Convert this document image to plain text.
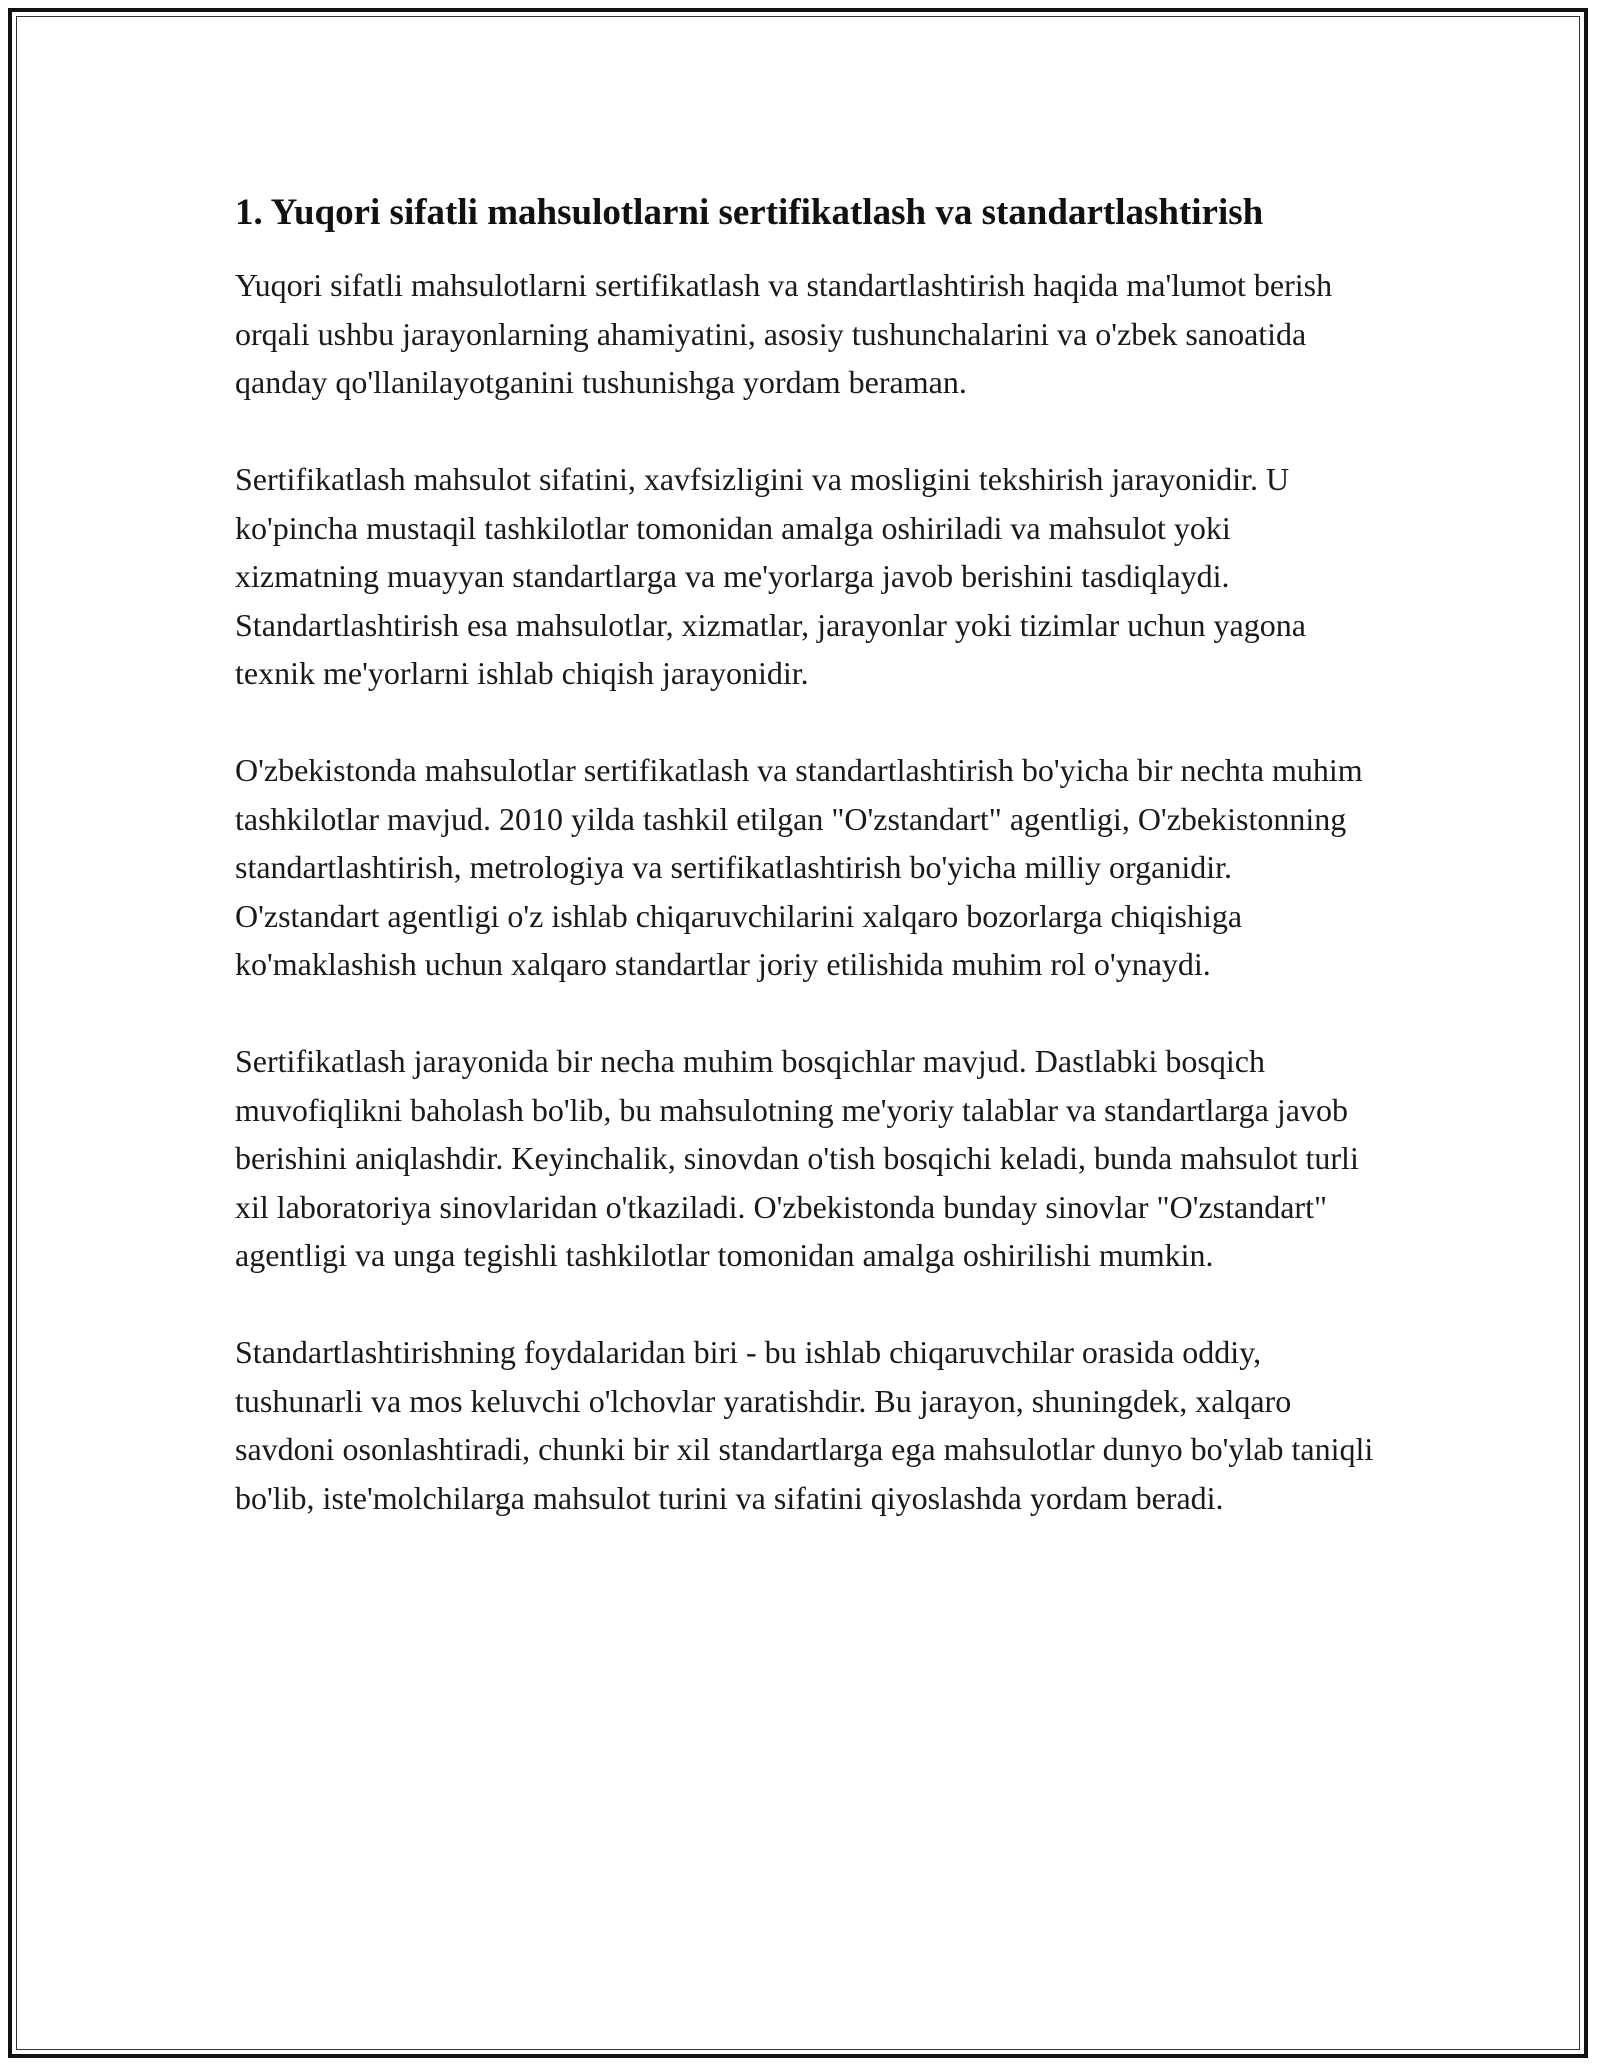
1. Yuqori sifatli mahsulotlarni sertifikatlash va standartlashtirish

Yuqori sifatli mahsulotlarni sertifikatlash va standartlashtirish haqida ma'lumot berish orqali ushbu jarayonlarning ahamiyatini, asosiy tushunchalarini va o'zbek sanoatida qanday qo'llanilayotganini tushunishga yordam beraman.

Sertifikatlash mahsulot sifatini, xavfsizligini va mosligini tekshirish jarayonidir. U ko'pincha mustaqil tashkilotlar tomonidan amalga oshiriladi va mahsulot yoki xizmatning muayyan standartlarga va me'yorlarga javob berishini tasdiqlaydi. Standartlashtirish esa mahsulotlar, xizmatlar, jarayonlar yoki tizimlar uchun yagona texnik me'yorlarni ishlab chiqish jarayonidir.

O'zbekistonda mahsulotlar sertifikatlash va standartlashtirish bo'yicha bir nechta muhim tashkilotlar mavjud. 2010 yilda tashkil etilgan "O'zstandart" agentligi, O'zbekistonning standartlashtirish, metrologiya va sertifikatlashtirish bo'yicha milliy organidir. O'zstandart agentligi o'z ishlab chiqaruvchilarini xalqaro bozorlarga chiqishiga ko'maklashish uchun xalqaro standartlar joriy etilishida muhim rol o'ynaydi.

Sertifikatlash jarayonida bir necha muhim bosqichlar mavjud. Dastlabki bosqich muvofiqlikni baholash bo'lib, bu mahsulotning me'yoriy talablar va standartlarga javob berishini aniqlashdir. Keyinchalik, sinovdan o'tish bosqichi keladi, bunda mahsulot turli xil laboratoriya sinovlaridan o'tkaziladi. O'zbekistonda bunday sinovlar "O'zstandart" agentligi va unga tegishli tashkilotlar tomonidan amalga oshirilishi mumkin.

Standartlashtirishning foydalaridan biri - bu ishlab chiqaruvchilar orasida oddiy, tushunarli va mos keluvchi o'lchovlar yaratishdir. Bu jarayon, shuningdek, xalqaro savdoni osonlashtiradi, chunki bir xil standartlarga ega mahsulotlar dunyo bo'ylab taniqli bo'lib, iste'molchilarga mahsulot turini va sifatini qiyoslashda yordam beradi.
